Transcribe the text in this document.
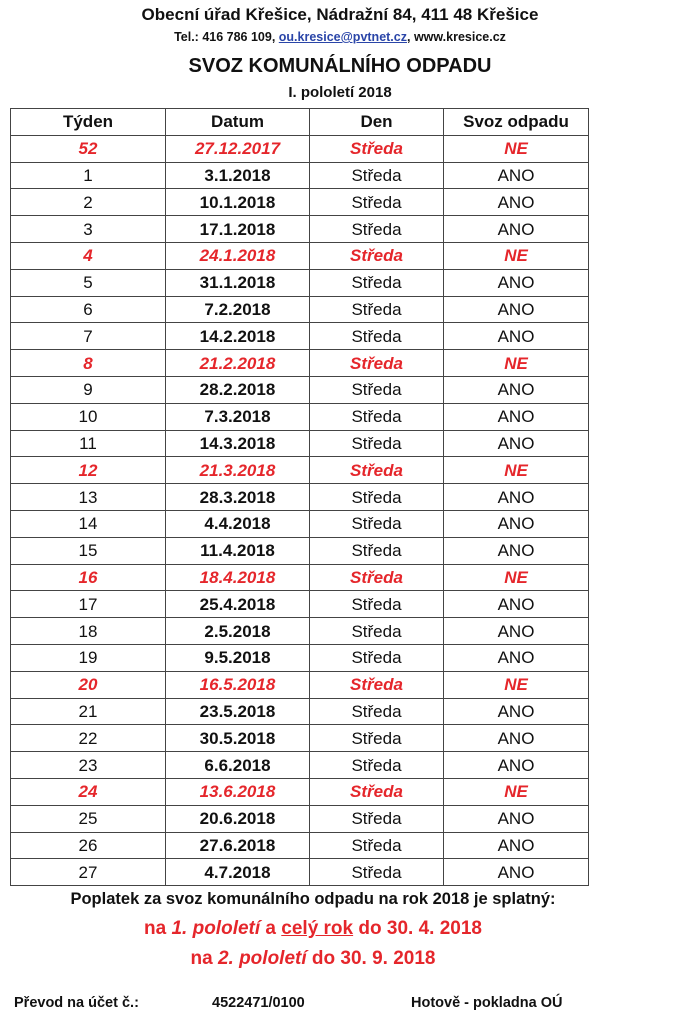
Obecní úřad Křešice, Nádražní 84, 411 48 Křešice
Tel.: 416 786 109, ou.kresice@pvtnet.cz, www.kresice.cz
SVOZ KOMUNÁLNÍHO ODPADU
I. pololetí 2018
Týden	Datum	Den	Svoz odpadu
52	27.12.2017	Středa	NE
1	3.1.2018	Středa	ANO
2	10.1.2018	Středa	ANO
3	17.1.2018	Středa	ANO
4	24.1.2018	Středa	NE
5	31.1.2018	Středa	ANO
6	7.2.2018	Středa	ANO
7	14.2.2018	Středa	ANO
8	21.2.2018	Středa	NE
9	28.2.2018	Středa	ANO
10	7.3.2018	Středa	ANO
11	14.3.2018	Středa	ANO
12	21.3.2018	Středa	NE
13	28.3.2018	Středa	ANO
14	4.4.2018	Středa	ANO
15	11.4.2018	Středa	ANO
16	18.4.2018	Středa	NE
17	25.4.2018	Středa	ANO
18	2.5.2018	Středa	ANO
19	9.5.2018	Středa	ANO
20	16.5.2018	Středa	NE
21	23.5.2018	Středa	ANO
22	30.5.2018	Středa	ANO
23	6.6.2018	Středa	ANO
24	13.6.2018	Středa	NE
25	20.6.2018	Středa	ANO
26	27.6.2018	Středa	ANO
27	4.7.2018	Středa	ANO
Poplatek za svoz komunálního odpadu na rok 2018 je splatný:
na 1. pololetí a celý rok do 30. 4. 2018
na 2. pololetí do 30. 9. 2018
Převod na účet č.:	4522471/0100	Hotově - pokladna OÚ
